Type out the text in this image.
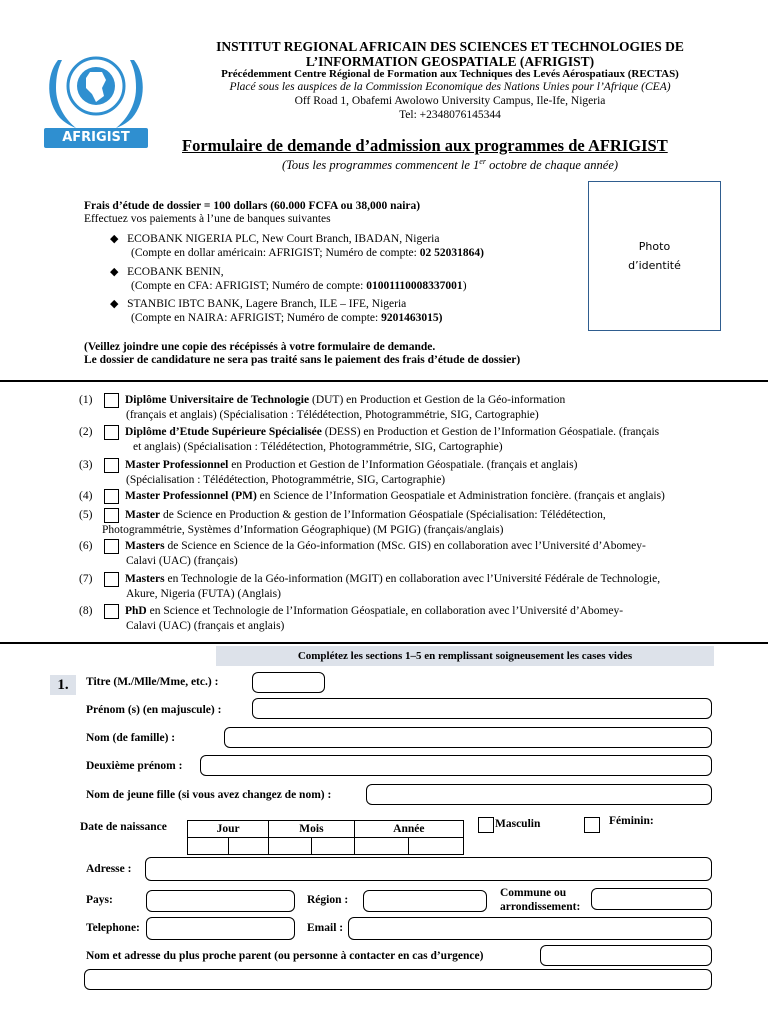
AFRIGIST
INSTITUT REGIONAL AFRICAIN DES SCIENCES ET TECHNOLOGIES DE
L’INFORMATION GEOSPATIALE (AFRIGIST)
Précédemment Centre Régional de Formation aux Techniques des Levés Aérospatiaux (RECTAS)
Placé sous les auspices de la Commission Economique des Nations Unies pour l’Afrique (CEA)
Off Road 1, Obafemi Awolowo University Campus, Ile-Ife, Nigeria
Tel: +2348076145344
Formulaire de demande d’admission aux programmes de AFRIGIST
(Tous les programmes commencent le 1er octobre de chaque année)
Frais d’étude de dossier = 100 dollars (60.000 FCFA ou 38,000 naira)
Effectuez vos paiements à l’une de banques suivantes
◆ ECOBANK NIGERIA PLC, New Court Branch, IBADAN, Nigeria
(Compte en dollar américain: AFRIGIST; Numéro de compte: 02 52031864)
◆ ECOBANK BENIN,
(Compte en CFA: AFRIGIST; Numéro de compte: 01001110008337001)
◆ STANBIC IBTC BANK, Lagere Branch, ILE – IFE, Nigeria
(Compte en NAIRA: AFRIGIST; Numéro de compte: 9201463015)
(Veillez joindre une copie des récépissés à votre formulaire de demande.
Le dossier de candidature ne sera pas traité sans le paiement des frais d’étude de dossier)
Photo
d’identité
(1)	Diplôme Universitaire de Technologie (DUT) en Production et Gestion de la Géo-information
(français et anglais) (Spécialisation : Télédétection, Photogrammétrie, SIG, Cartographie)
(2)	Diplôme d’Etude Supérieure Spécialisée (DESS) en Production et Gestion de l’Information Géospatiale. (français
et anglais) (Spécialisation : Télédétection, Photogrammétrie, SIG, Cartographie)
(3)	Master Professionnel en Production et Gestion de l’Information Géospatiale. (français et anglais)
(Spécialisation : Télédétection, Photogrammétrie, SIG, Cartographie)
(4)	Master Professionnel (PM) en Science de l’Information Geospatiale et Administration foncière. (français et anglais)
(5)	Master de Science en Production & gestion de l’Information Géospatiale (Spécialisation: Télédétection,
Photogrammétrie, Systèmes d’Information Géographique) (M PGIG) (français/anglais)
(6)	Masters de Science en Science de la Géo-information (MSc. GIS) en collaboration avec l’Université d’Abomey-
Calavi (UAC) (français)
(7)	Masters en Technologie de la Géo-information (MGIT) en collaboration avec l’Université Fédérale de Technologie,
Akure, Nigeria (FUTA) (Anglais)
(8)	PhD en Science et Technologie de l’Information Géospatiale, en collaboration avec l’Université d’Abomey-
Calavi (UAC) (français et anglais)
Complétez les sections 1–5 en remplissant soigneusement les cases vides
1.	Titre (M./Mlle/Mme, etc.) :
Prénom (s) (en majuscule) :
Nom (de famille) :
Deuxième prénom :
Nom de jeune fille (si vous avez changez de nom) :
Date de naissance	Jour		Mois		Année	
						Masculin	Féminin:
Adresse :
Pays:	Région :
Commune ou
arrondissement:
Telephone:	Email :
Nom et adresse du plus proche parent (ou personne à contacter en cas d’urgence)
